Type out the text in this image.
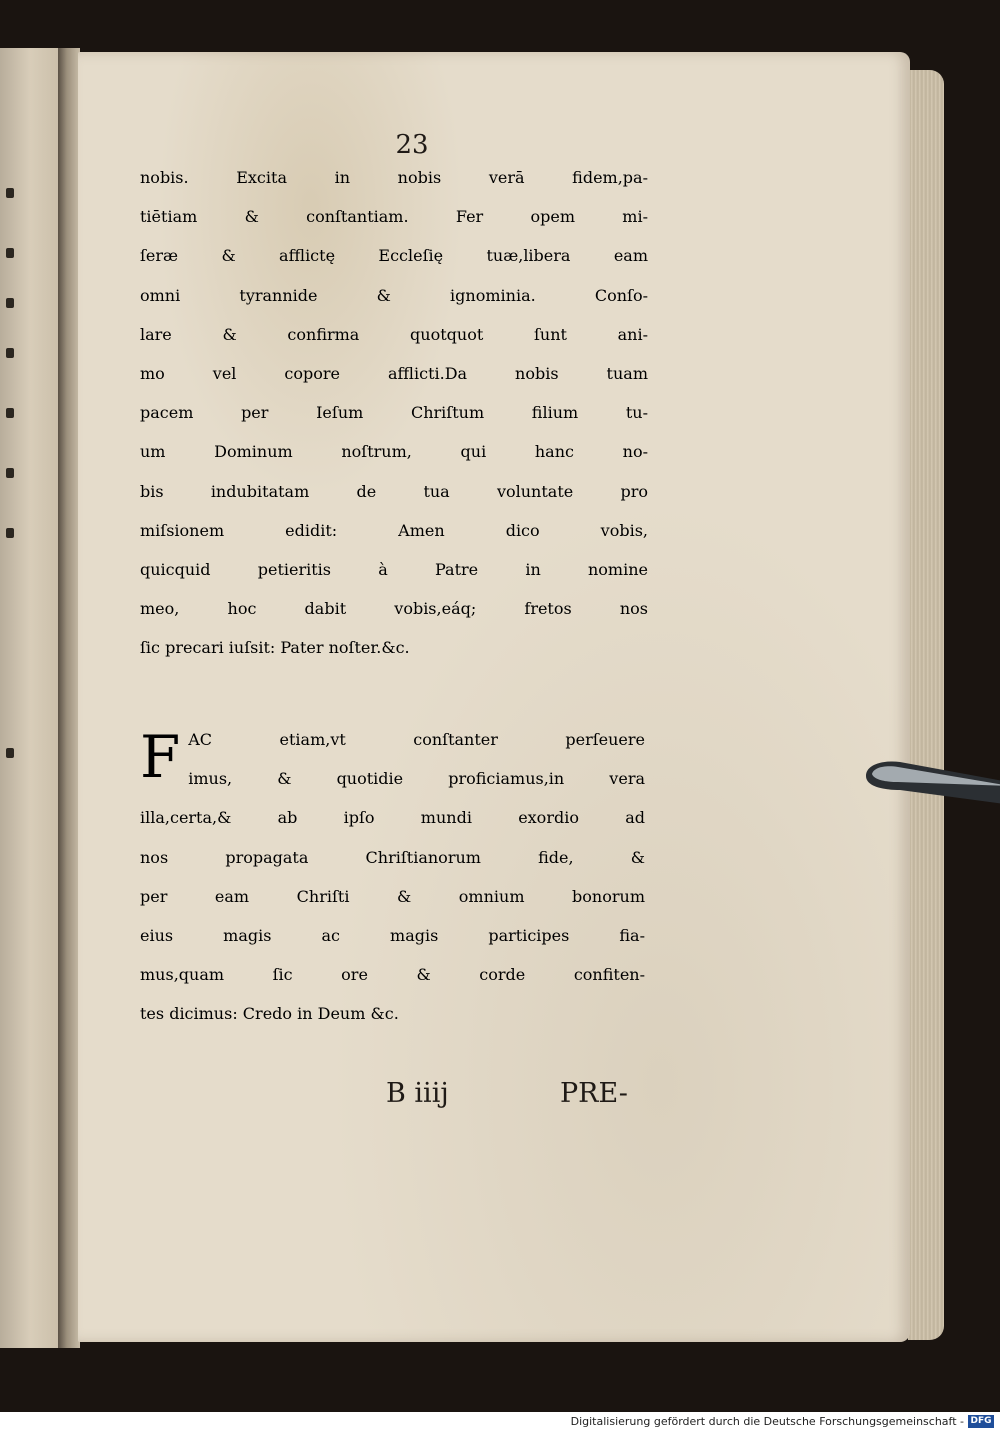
23
nobis. Excita in nobis verā fidem,pa-
tiētiam & conſtantiam. Fer opem mi-
ſeræ & afflictę Eccleſię tuæ,libera eam
omni tyrannide & ignominia. Conſo-
lare & confirma quotquot ſunt ani-
mo vel copore afflicti.Da nobis tuam
pacem per Ieſum Chriſtum filium tu-
um Dominum noſtrum, qui hanc no-
bis indubitatam de tua voluntate pro
miſsionem edidit: Amen dico vobis,
quicquid petieritis à Patre in nomine
meo, hoc dabit vobis,eáq; fretos nos
ſic precari iuſsit: Pater noſter.&c.
F AC etiam,vt conſtanter perſeuere
imus, & quotidie proficiamus,in vera
illa,certa,& ab ipſo mundi exordio ad
nos propagata Chriſtianorum fide, &
per eam Chriſti & omnium bonorum
eius magis ac magis participes fia-
mus,quam ſic ore & corde confiten-
tes dicimus: Credo in Deum &c.
B iiij	PRE-
Digitalisierung gefördert durch die Deutsche Forschungsgemeinschaft - DFG
